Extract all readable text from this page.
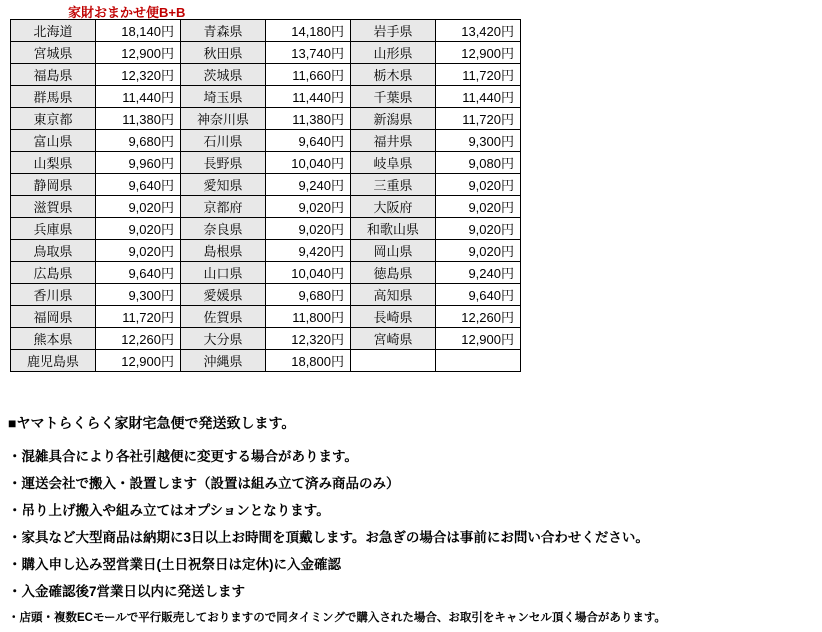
家財おまかせ便B+B
北海道	18,140円	青森県	14,180円	岩手県	13,420円
宮城県	12,900円	秋田県	13,740円	山形県	12,900円
福島県	12,320円	茨城県	11,660円	栃木県	11,720円
群馬県	11,440円	埼玉県	11,440円	千葉県	11,440円
東京都	11,380円	神奈川県	11,380円	新潟県	11,720円
富山県	9,680円	石川県	9,640円	福井県	9,300円
山梨県	9,960円	長野県	10,040円	岐阜県	9,080円
静岡県	9,640円	愛知県	9,240円	三重県	9,020円
滋賀県	9,020円	京都府	9,020円	大阪府	9,020円
兵庫県	9,020円	奈良県	9,020円	和歌山県	9,020円
鳥取県	9,020円	島根県	9,420円	岡山県	9,020円
広島県	9,640円	山口県	10,040円	徳島県	9,240円
香川県	9,300円	愛媛県	9,680円	高知県	9,640円
福岡県	11,720円	佐賀県	11,800円	長崎県	12,260円
熊本県	12,260円	大分県	12,320円	宮崎県	12,900円
鹿児島県	12,900円	沖縄県	18,800円		
■ヤマトらくらく家財宅急便で発送致します。
・混雑具合により各社引越便に変更する場合があります。
・運送会社で搬入・設置します（設置は組み立て済み商品のみ）
・吊り上げ搬入や組み立てはオプションとなります。
・家具など大型商品は納期に3日以上お時間を頂戴します。お急ぎの場合は事前にお問い合わせください。
・購入申し込み翌営業日(土日祝祭日は定休)に入金確認
・入金確認後7営業日以内に発送します
・店頭・複数ECモールで平行販売しておりますので同タイミングで購入された場合、お取引をキャンセル頂く場合があります。
